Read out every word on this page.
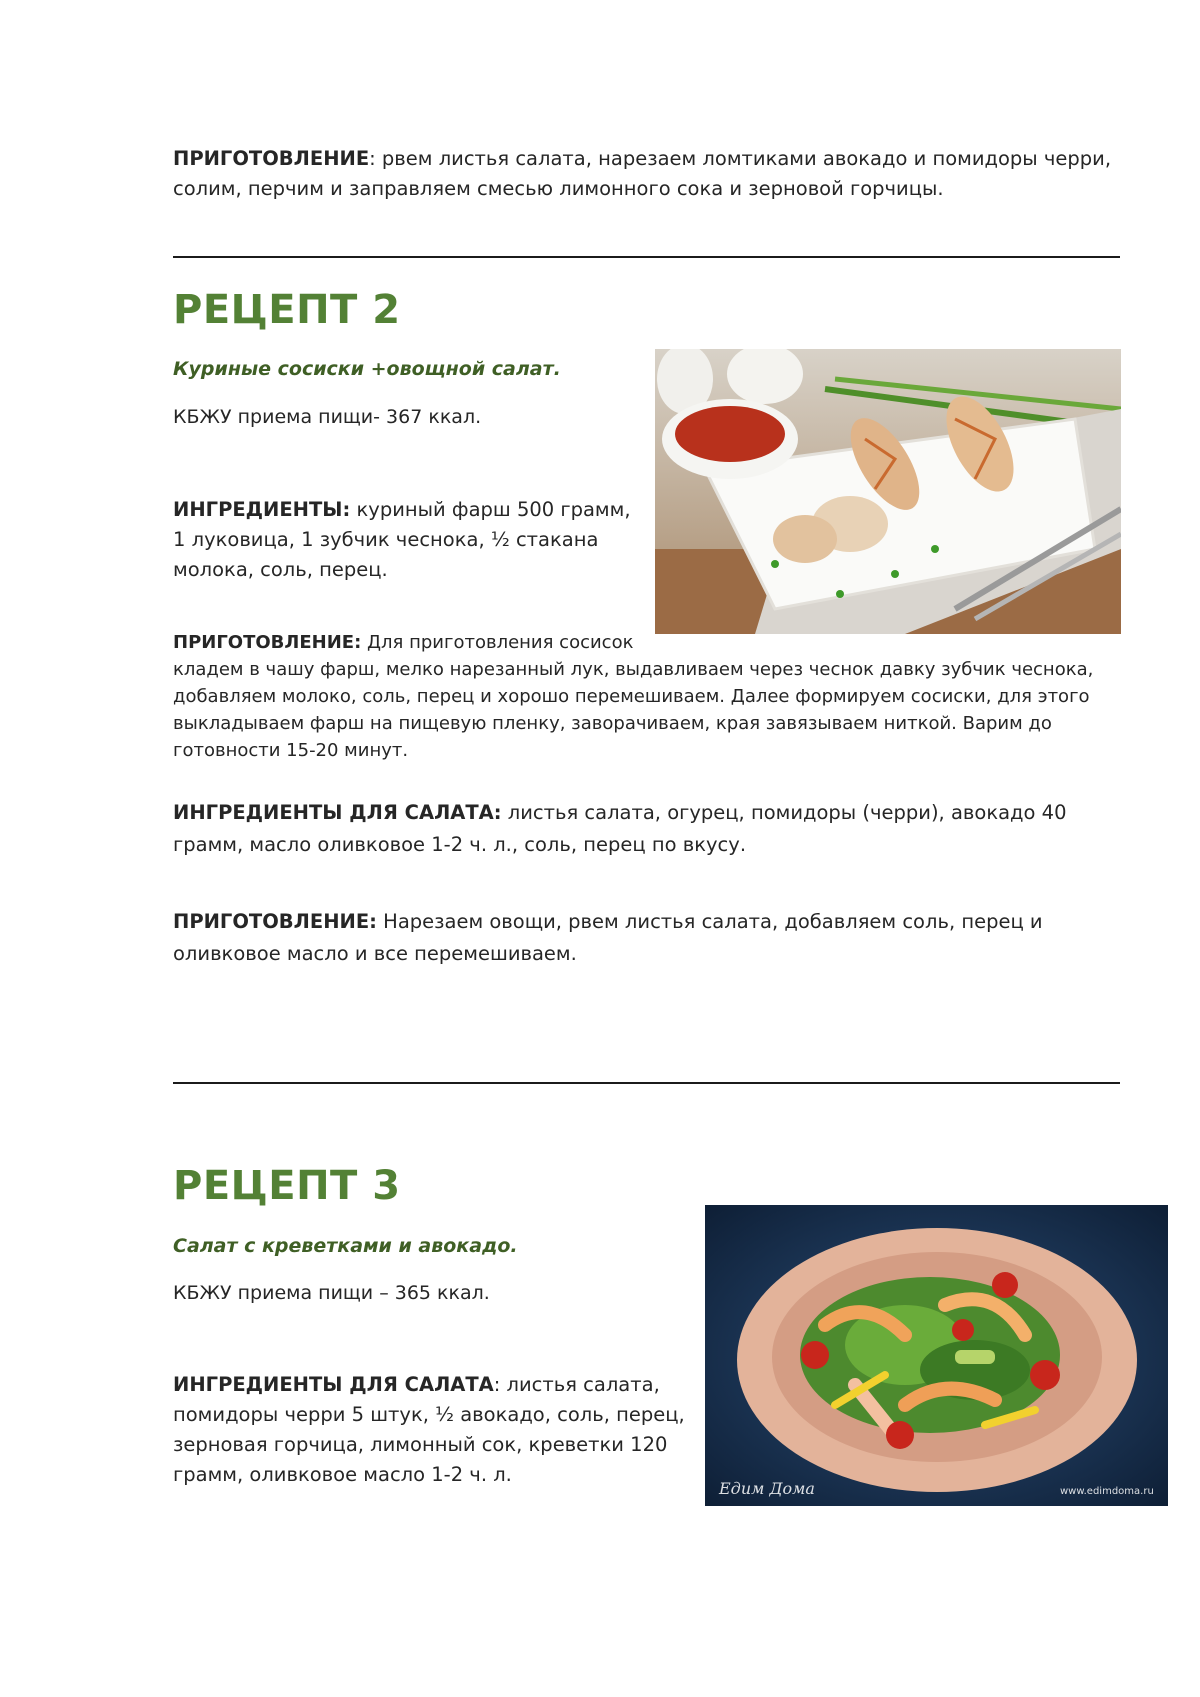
ПРИГОТОВЛЕНИЕ: рвем листья салата, нарезаем ломтиками авокадо и помидоры черри, солим, перчим и заправляем смесью лимонного сока и зерновой горчицы.

РЕЦЕПТ 2

Куриные сосиски +овощной салат.

КБЖУ приема пищи- 367 ккал.

ИНГРЕДИЕНТЫ: куриный фарш 500 грамм, 1 луковица, 1 зубчик чеснока, ½ стакана молока, соль, перец.

ПРИГОТОВЛЕНИЕ: Для приготовления сосисок
кладем в чашу фарш, мелко нарезанный лук, выдавливаем через чеснок давку зубчик чеснока, добавляем молоко, соль, перец и хорошо перемешиваем. Далее формируем сосиски, для этого выкладываем фарш на пищевую пленку, заворачиваем, края завязываем ниткой. Варим до готовности 15-20 минут.

ИНГРЕДИЕНТЫ ДЛЯ САЛАТА: листья салата, огурец, помидоры (черри), авокадо 40 грамм, масло оливковое 1-2 ч. л., соль, перец по вкусу.

ПРИГОТОВЛЕНИЕ: Нарезаем овощи, рвем листья салата, добавляем соль, перец и оливковое масло и все перемешиваем.

РЕЦЕПТ 3

Салат с креветками и авокадо.

КБЖУ приема пищи – 365 ккал.

ИНГРЕДИЕНТЫ ДЛЯ САЛАТА: листья салата, помидоры черри 5 штук, ½ авокадо, соль, перец, зерновая горчица, лимонный сок, креветки 120 грамм, оливковое масло 1-2 ч. л.

Едим Дома	www.edimdoma.ru
